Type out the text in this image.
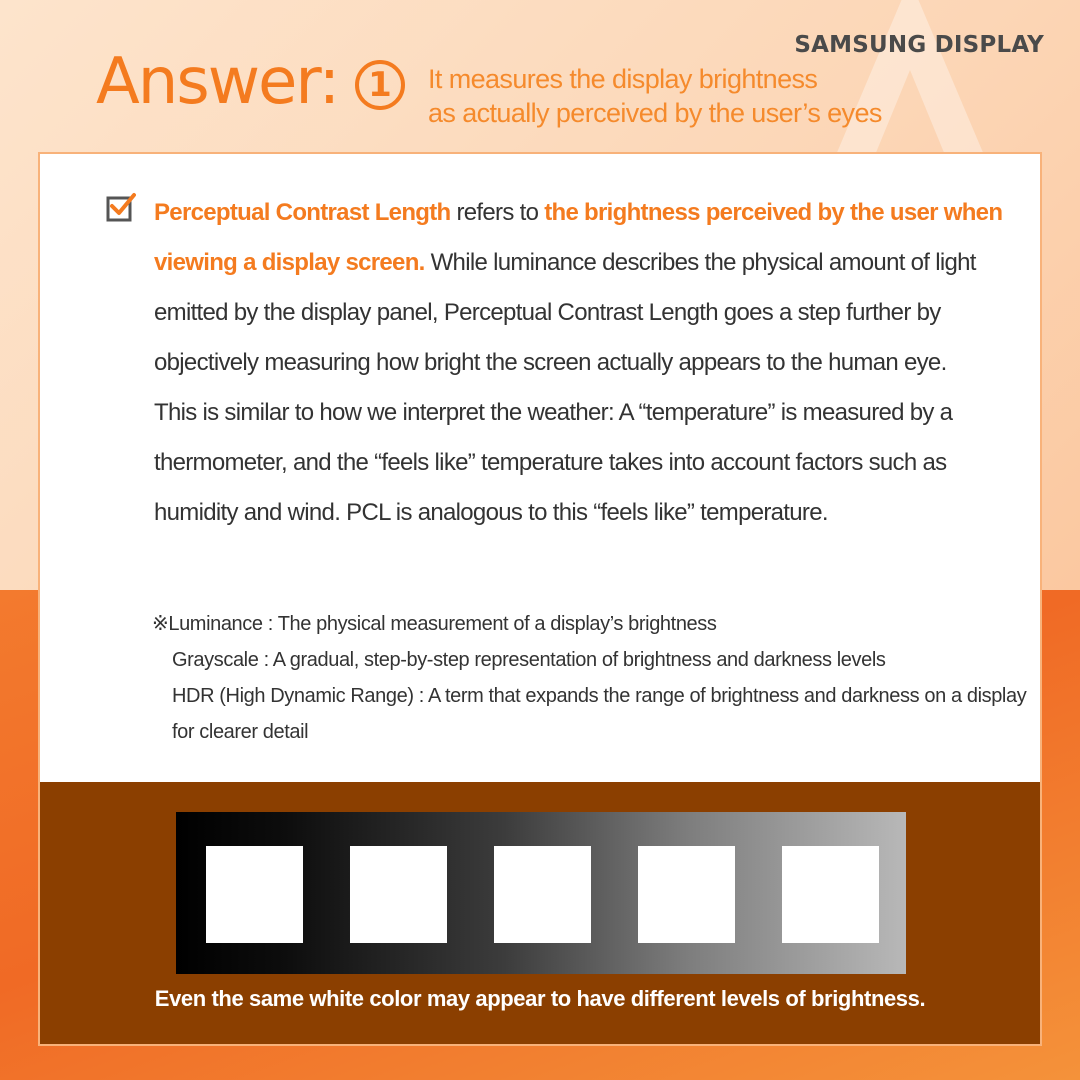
SAMSUNG DISPLAY
Answer: 1	It measures the display brightness
as actually perceived by the user’s eyes
Perceptual Contrast Length refers to the brightness perceived by the user when viewing a display screen. While luminance describes the physical amount of light emitted by the display panel, Perceptual Contrast Length goes a step further by objectively measuring how bright the screen actually appears to the human eye.
This is similar to how we interpret the weather: A “temperature” is measured by a thermometer, and the “feels like” temperature takes into account factors such as humidity and wind. PCL is analogous to this “feels like” temperature.
※Luminance : The physical measurement of a display’s brightness
Grayscale : A gradual, step-by-step representation of brightness and darkness levels
HDR (High Dynamic Range) : A term that expands the range of brightness and darkness on a display for clearer detail
Even the same white color may appear to have different levels of brightness.
